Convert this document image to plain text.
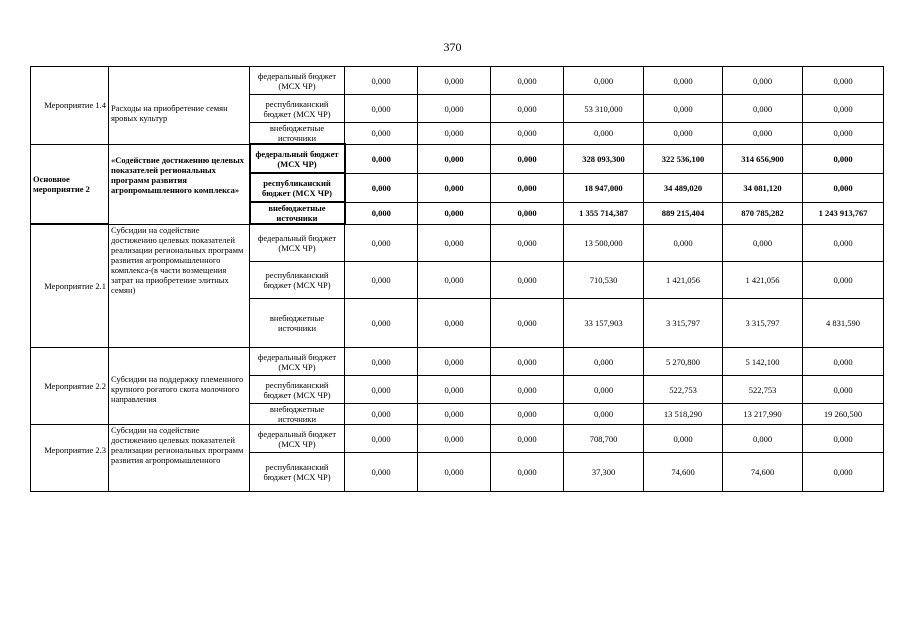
370
Мероприятие 1.4	Расходы на приобретение семян яровых культур	федеральный бюджет (МСХ ЧР)	0,000	0,000	0,000	0,000	0,000	0,000	0,000
		республиканский бюджет (МСХ ЧР)	0,000	0,000	0,000	53 310,000	0,000	0,000	0,000
		внебюджетные источники	0,000	0,000	0,000	0,000	0,000	0,000	0,000
Основное мероприятие 2	«Содействие достижению целевых показателей региональных программ развития агропромышленного комплекса»	федеральный бюджет (МСХ ЧР)	0,000	0,000	0,000	328 093,300	322 536,100	314 656,900	0,000
		республиканский бюджет (МСХ ЧР)	0,000	0,000	0,000	18 947,000	34 489,020	34 081,120	0,000
		внебюджетные источники	0,000	0,000	0,000	1 355 714,387	889 215,404	870 785,282	1 243 913,767
Мероприятие 2.1	Субсидии на содействие достижению целевых показателей реализации региональных программ развития агропромышленного комплекса-(в части возмещения затрат на приобретение элитных семян)	федеральный бюджет (МСХ ЧР)	0,000	0,000	0,000	13 500,000	0,000	0,000	0,000
		республиканский бюджет (МСХ ЧР)	0,000	0,000	0,000	710,530	1 421,056	1 421,056	0,000
		внебюджетные источники	0,000	0,000	0,000	33 157,903	3 315,797	3 315,797	4 831,590
Мероприятие 2.2	Субсидии на поддержку племенного крупного рогатого скота молочного направления	федеральный бюджет (МСХ ЧР)	0,000	0,000	0,000	0,000	5 270,800	5 142,100	0,000
		республиканский бюджет (МСХ ЧР)	0,000	0,000	0,000	0,000	522,753	522,753	0,000
		внебюджетные источники	0,000	0,000	0,000	0,000	13 518,290	13 217,990	19 260,500
Мероприятие 2.3	Субсидии на содействие достижению целевых показателей реализации региональных программ развития агропромышленного	федеральный бюджет (МСХ ЧР)	0,000	0,000	0,000	708,700	0,000	0,000	0,000
		республиканский бюджет (МСХ ЧР)	0,000	0,000	0,000	37,300	74,600	74,600	0,000
